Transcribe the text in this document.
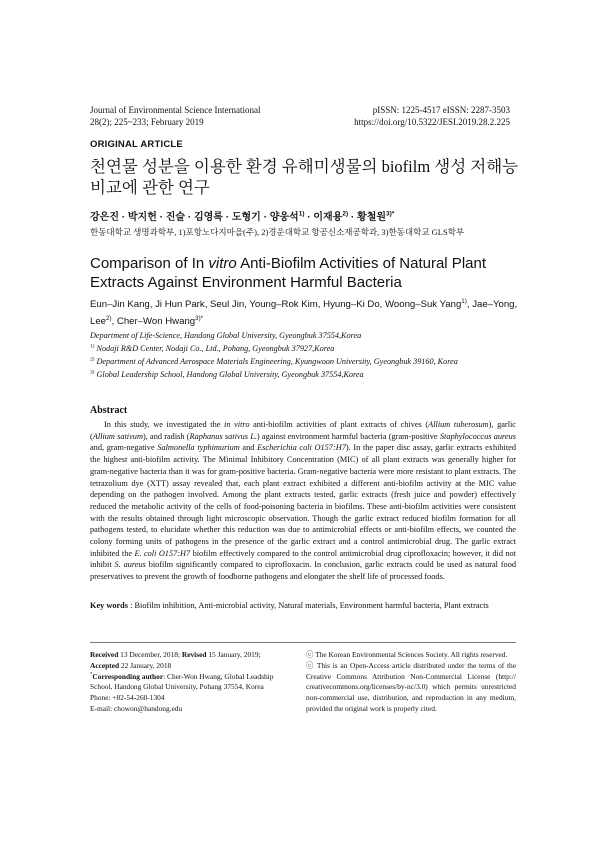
Journal of Environmental Science International
28(2); 225~233; February 2019
pISSN: 1225-4517 eISSN: 2287-3503
https://doi.org/10.5322/JESI.2019.28.2.225
ORIGINAL ARTICLE
천연물 성분을 이용한 환경 유해미생물의 biofilm 생성 저해능 비교에 관한 연구
강은진 · 박지헌 · 진슬 · 김영록 · 도형기 · 양웅석$^{1)}$ · 이재용$^{2)}$ · 황철원$^{3)*}$
한동대학교 생명과학부, 1)포항노다지마을(주), 2)경운대학교 항공신소재공학과, 3)한동대학교 GLS학부
Comparison of In vitro Anti-Biofilm Activities of Natural Plant Extracts Against Environment Harmful Bacteria
Eun–Jin Kang, Ji Hun Park, Seul Jin, Young–Rok Kim, Hyung–Ki Do, Woong–Suk Yang$^{1)}$, Jae–Yong, Lee$^{2)}$, Cher–Won Hwang$^{3)*}$
Department of Life-Science, Handong Global University, Gyeongbuk 37554,Korea
$^{1)}$ Nodaji R&D Center, Nodaji Co., Ltd., Pohang, Gyeongbuk 37927,Korea
$^{2)}$ Department of Advanced Aerospace Materials Engineering, Kyungwoon University, Gyeongbuk 39160, Korea
$^{3)}$ Global Leadership School, Handong Global University, Gyeongbuk 37554,Korea
Abstract
In this study, we investigated the in vitro anti-biofilm activities of plant extracts of chives (Allium tuberosum), garlic (Allium sativum), and radish (Raphanus sativus L.) against environment harmful bacteria (gram-positive Staphylococcus aureus and, gram-negative Salmonella typhimurium and Escherichia coli O157:H7). In the paper disc assay, garlic extracts exhibited the highest anti-biofilm activity. The Minimal Inhibitory Concentration (MIC) of all plant extracts was generally higher for gram-negative bacteria than it was for gram-positive bacteria. Gram-negative bacteria were more resistant to plant extracts. The tetrazolium dye (XTT) assay revealed that, each plant extract exhibited a different anti-biofilm activity at the MIC value depending on the pathogen involved. Among the plant extracts tested, garlic extracts (fresh juice and powder) effectively reduced the metabolic activity of the cells of food-poisoning bacteria in biofilms. These anti-biofilm activities were consistent with the results obtained through light microscopic observation. Though the garlic extract reduced biofilm formation for all pathogens tested, to elucidate whether this reduction was due to antimicrobial effects or anti-biofilm effects, we counted the colony forming units of pathogens in the presence of the garlic extract and a control antimicrobial drug. The garlic extract inhibited the E. coli O157:H7 biofilm effectively compared to the control antimicrobial drug ciprofloxacin; however, it did not inhibit S. aureus biofilm significantly compared to ciprofloxacin. In conclusion, garlic extracts could be used as natural food preservatives to prevent the growth of foodborne pathogens and elongater the shelf life of processed foods.
Key words : Biofilm inhibition, Anti-microbial activity, Natural materials, Environment harmful bacteria, Plant extracts
Received 13 December, 2018; Revised 15 January, 2019;
Accepted 22 January, 2018
*Corresponding author: Cher-Won Hwang, Global Leadship School, Handong Global University, Pohang 37554, Korea
Phone: +82-54-260-1304
E-mail: chowon@handong.edu
ⓒ The Korean Environmental Sciences Society. All rights reserved.
ⓒ This is an Open-Access article distributed under the terms of the Creative Commons Attribution Non-Commercial License (http:// creativecommons.org/licenses/by-nc/3.0) which permits unrestricted non-commercial use, distribution, and reproduction in any medium, provided the original work is properly cited.
